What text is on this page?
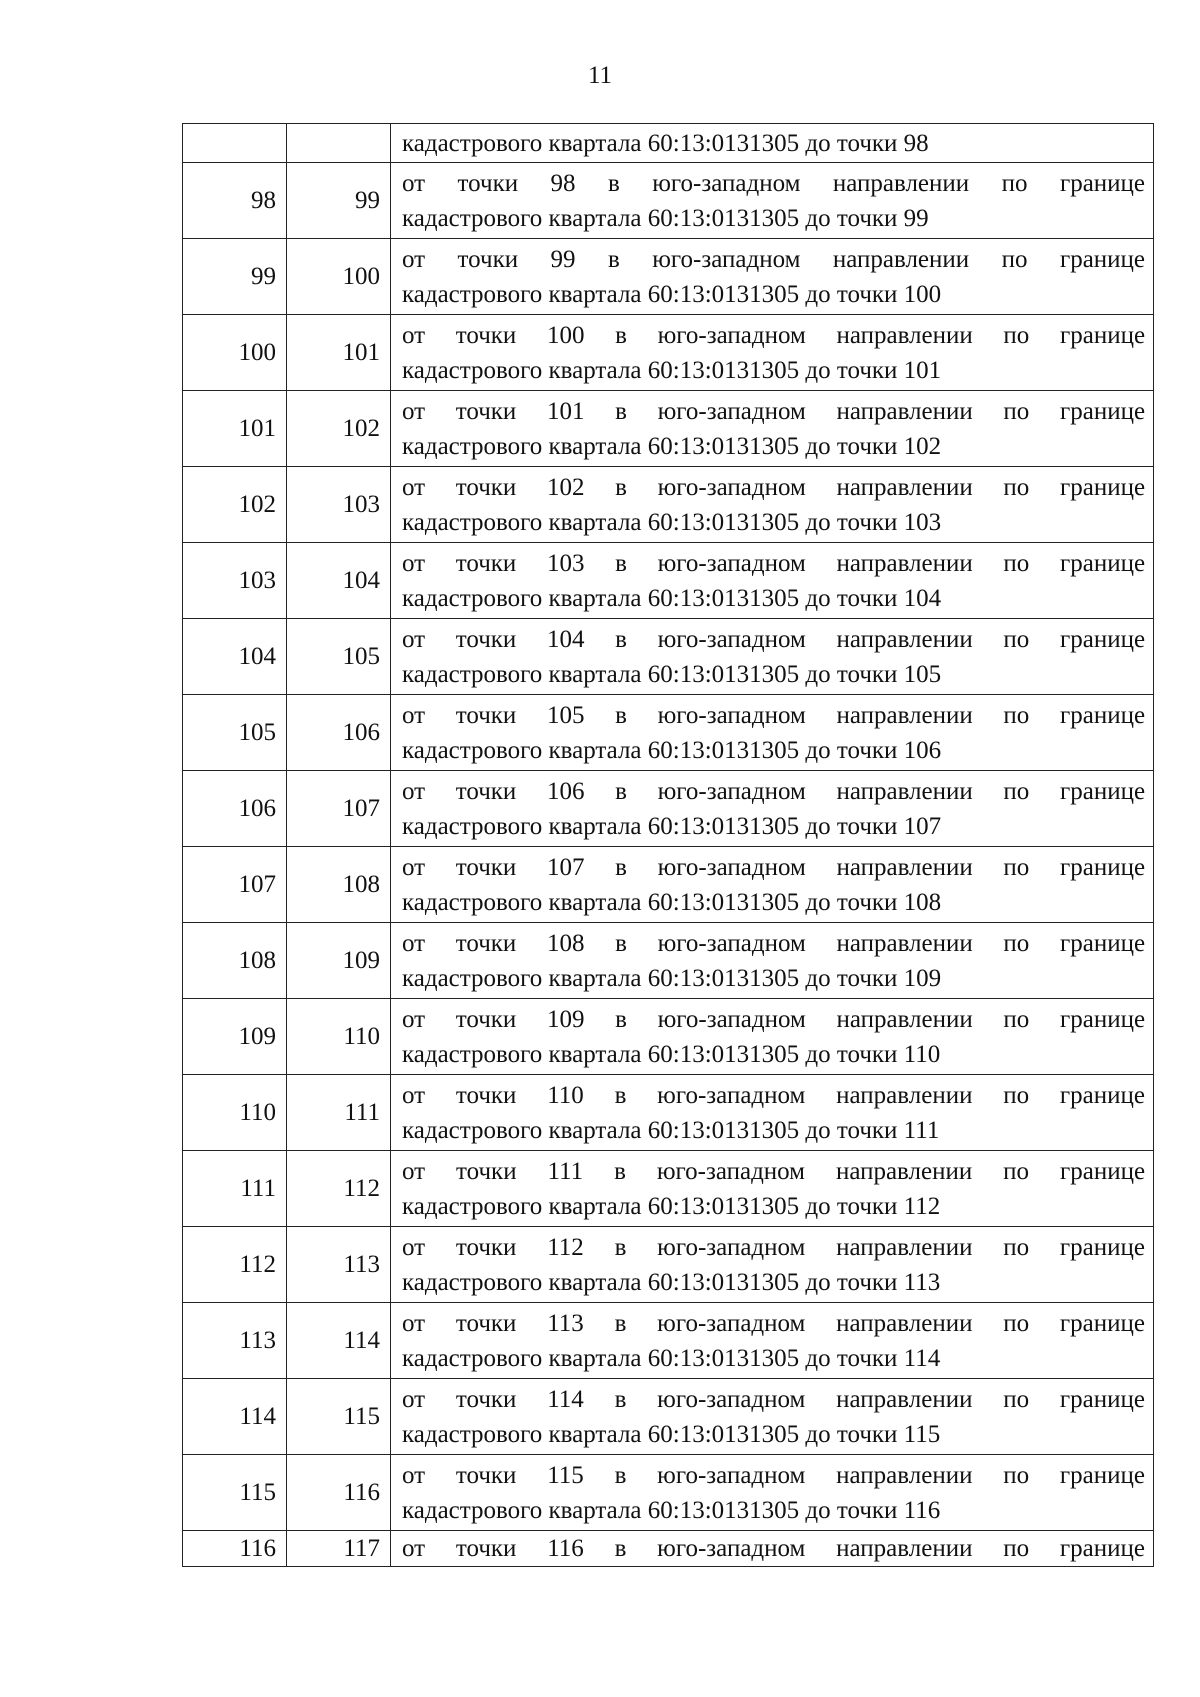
11

		кадастрового квартала 60:13:0131305 до точки 98

98	99	от точки 98 в юго-западном направлении по границе
кадастрового квартала 60:13:0131305 до точки 99

99	100	от точки 99 в юго-западном направлении по границе
кадастрового квартала 60:13:0131305 до точки 100

100	101	от точки 100 в юго-западном направлении по границе
кадастрового квартала 60:13:0131305 до точки 101

101	102	от точки 101 в юго-западном направлении по границе
кадастрового квартала 60:13:0131305 до точки 102

102	103	от точки 102 в юго-западном направлении по границе
кадастрового квартала 60:13:0131305 до точки 103

103	104	от точки 103 в юго-западном направлении по границе
кадастрового квартала 60:13:0131305 до точки 104

104	105	от точки 104 в юго-западном направлении по границе
кадастрового квартала 60:13:0131305 до точки 105

105	106	от точки 105 в юго-западном направлении по границе
кадастрового квартала 60:13:0131305 до точки 106

106	107	от точки 106 в юго-западном направлении по границе
кадастрового квартала 60:13:0131305 до точки 107

107	108	от точки 107 в юго-западном направлении по границе
кадастрового квартала 60:13:0131305 до точки 108

108	109	от точки 108 в юго-западном направлении по границе
кадастрового квартала 60:13:0131305 до точки 109

109	110	от точки 109 в юго-западном направлении по границе
кадастрового квартала 60:13:0131305 до точки 110

110	111	от точки 110 в юго-западном направлении по границе
кадастрового квартала 60:13:0131305 до точки 111

111	112	от точки 111 в юго-западном направлении по границе
кадастрового квартала 60:13:0131305 до точки 112

112	113	от точки 112 в юго-западном направлении по границе
кадастрового квартала 60:13:0131305 до точки 113

113	114	от точки 113 в юго-западном направлении по границе
кадастрового квартала 60:13:0131305 до точки 114

114	115	от точки 114 в юго-западном направлении по границе
кадастрового квартала 60:13:0131305 до точки 115

115	116	от точки 115 в юго-западном направлении по границе
кадастрового квартала 60:13:0131305 до точки 116

116	117	от точки 116 в юго-западном направлении по границе
